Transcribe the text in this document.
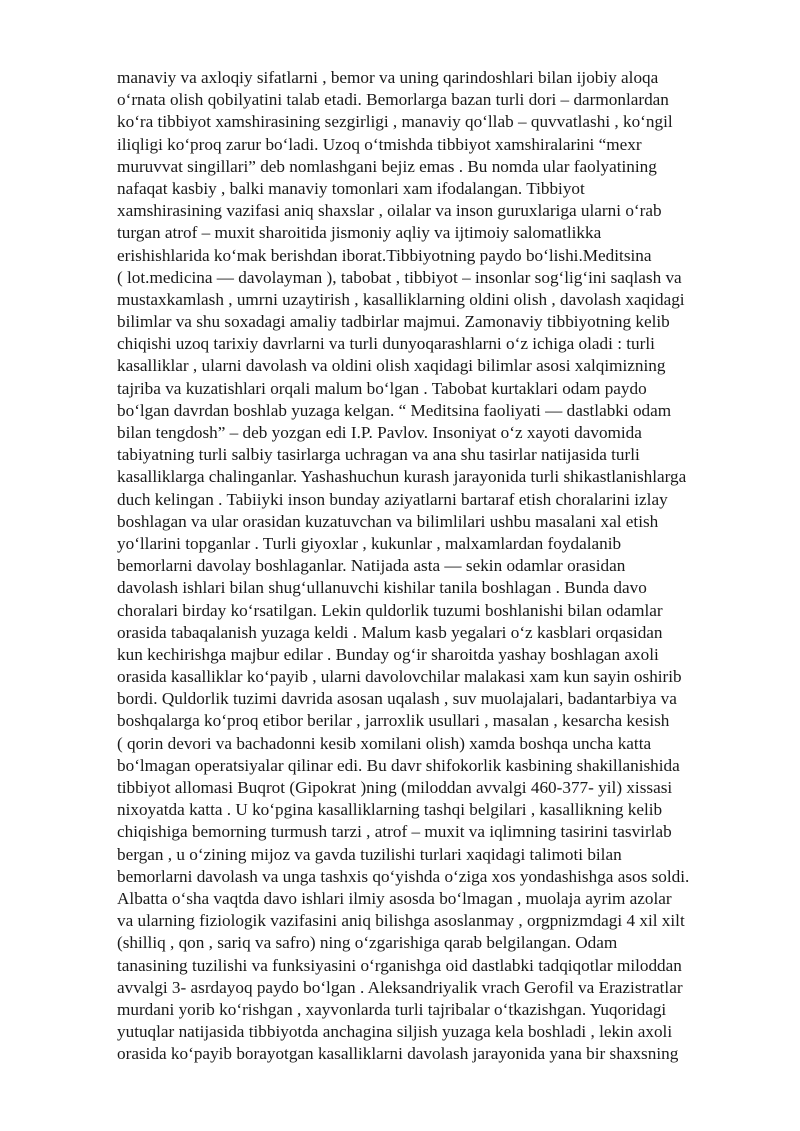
manaviy va axloqiy sifatlarni , bemor va uning qarindoshlari bilan ijobiy aloqa
o‘rnata olish qobilyatini talab etadi. Bemorlarga bazan turli dori – darmonlardan
ko‘ra tibbiyot xamshirasining sezgirligi , manaviy qo‘llab – quvvatlashi , ko‘ngil
iliqligi ko‘proq zarur bo‘ladi. Uzoq o‘tmishda tibbiyot xamshiralarini “mexr
muruvvat singillari” deb nomlashgani bejiz emas . Bu nomda ular faolyatining
nafaqat kasbiy , balki manaviy tomonlari xam ifodalangan. Tibbiyot
xamshirasining vazifasi aniq shaxslar , oilalar va inson guruxlariga ularni o‘rab
turgan atrof – muxit sharoitida jismoniy aqliy va ijtimoiy salomatlikka
erishishlarida ko‘mak berishdan iborat.Tibbiyotning paydo bo‘lishi.Meditsina
( lot.medicina — davolayman ), tabobat , tibbiyot – insonlar sog‘lig‘ini saqlash va
mustaxkamlash , umrni uzaytirish , kasalliklarning oldini olish , davolash xaqidagi
bilimlar va shu soxadagi amaliy tadbirlar majmui. Zamonaviy tibbiyotning kelib
chiqishi uzoq tarixiy davrlarni va turli dunyoqarashlarni o‘z ichiga oladi : turli
kasalliklar , ularni davolash va oldini olish xaqidagi bilimlar asosi xalqimizning
tajriba va kuzatishlari orqali malum bo‘lgan . Tabobat kurtaklari odam paydo
bo‘lgan davrdan boshlab yuzaga kelgan. “ Meditsina faoliyati — dastlabki odam
bilan tengdosh” – deb yozgan edi I.P. Pavlov. Insoniyat o‘z xayoti davomida
tabiyatning turli salbiy tasirlarga uchragan va ana shu tasirlar natijasida turli
kasalliklarga chalinganlar. Yashashuchun kurash jarayonida turli shikastlanishlarga
duch kelingan . Tabiiyki inson bunday aziyatlarni bartaraf etish choralarini izlay
boshlagan va ular orasidan kuzatuvchan va bilimlilari ushbu masalani xal etish
yo‘llarini topganlar . Turli giyoxlar , kukunlar , malxamlardan foydalanib
bemorlarni davolay boshlaganlar. Natijada asta — sekin odamlar orasidan
davolash ishlari bilan shug‘ullanuvchi kishilar tanila boshlagan . Bunda davo
choralari birday ko‘rsatilgan. Lekin quldorlik tuzumi boshlanishi bilan odamlar
orasida tabaqalanish yuzaga keldi . Malum kasb yegalari o‘z kasblari orqasidan
kun kechirishga majbur edilar . Bunday og‘ir sharoitda yashay boshlagan axoli
orasida kasalliklar ko‘payib , ularni davolovchilar malakasi xam kun sayin oshirib
bordi. Quldorlik tuzimi davrida asosan uqalash , suv muolajalari, badantarbiya va
boshqalarga ko‘proq etibor berilar , jarroxlik usullari , masalan , kesarcha kesish
( qorin devori va bachadonni kesib xomilani olish) xamda boshqa uncha katta
bo‘lmagan operatsiyalar qilinar edi. Bu davr shifokorlik kasbining shakillanishida
tibbiyot allomasi Buqrot (Gipokrat )ning (miloddan avvalgi 460-377- yil) xissasi
nixoyatda katta . U ko‘pgina kasalliklarning tashqi belgilari , kasallikning kelib
chiqishiga bemorning turmush tarzi , atrof – muxit va iqlimning tasirini tasvirlab
bergan , u o‘zining mijoz va gavda tuzilishi turlari xaqidagi talimoti bilan
bemorlarni davolash va unga tashxis qo‘yishda o‘ziga xos yondashishga asos soldi.
Albatta o‘sha vaqtda davo ishlari ilmiy asosda bo‘lmagan , muolaja ayrim azolar
va ularning fiziologik vazifasini aniq bilishga asoslanmay , orgpnizmdagi 4 xil xilt
(shilliq , qon , sariq va safro) ning o‘zgarishiga qarab belgilangan. Odam
tanasining tuzilishi va funksiyasini o‘rganishga oid dastlabki tadqiqotlar miloddan
avvalgi 3- asrdayoq paydo bo‘lgan . Aleksandriyalik vrach Gerofil va Erazistratlar
murdani yorib ko‘rishgan , xayvonlarda turli tajribalar o‘tkazishgan. Yuqoridagi
yutuqlar natijasida tibbiyotda anchagina siljish yuzaga kela boshladi , lekin axoli
orasida ko‘payib borayotgan kasalliklarni davolash jarayonida yana bir shaxsning
